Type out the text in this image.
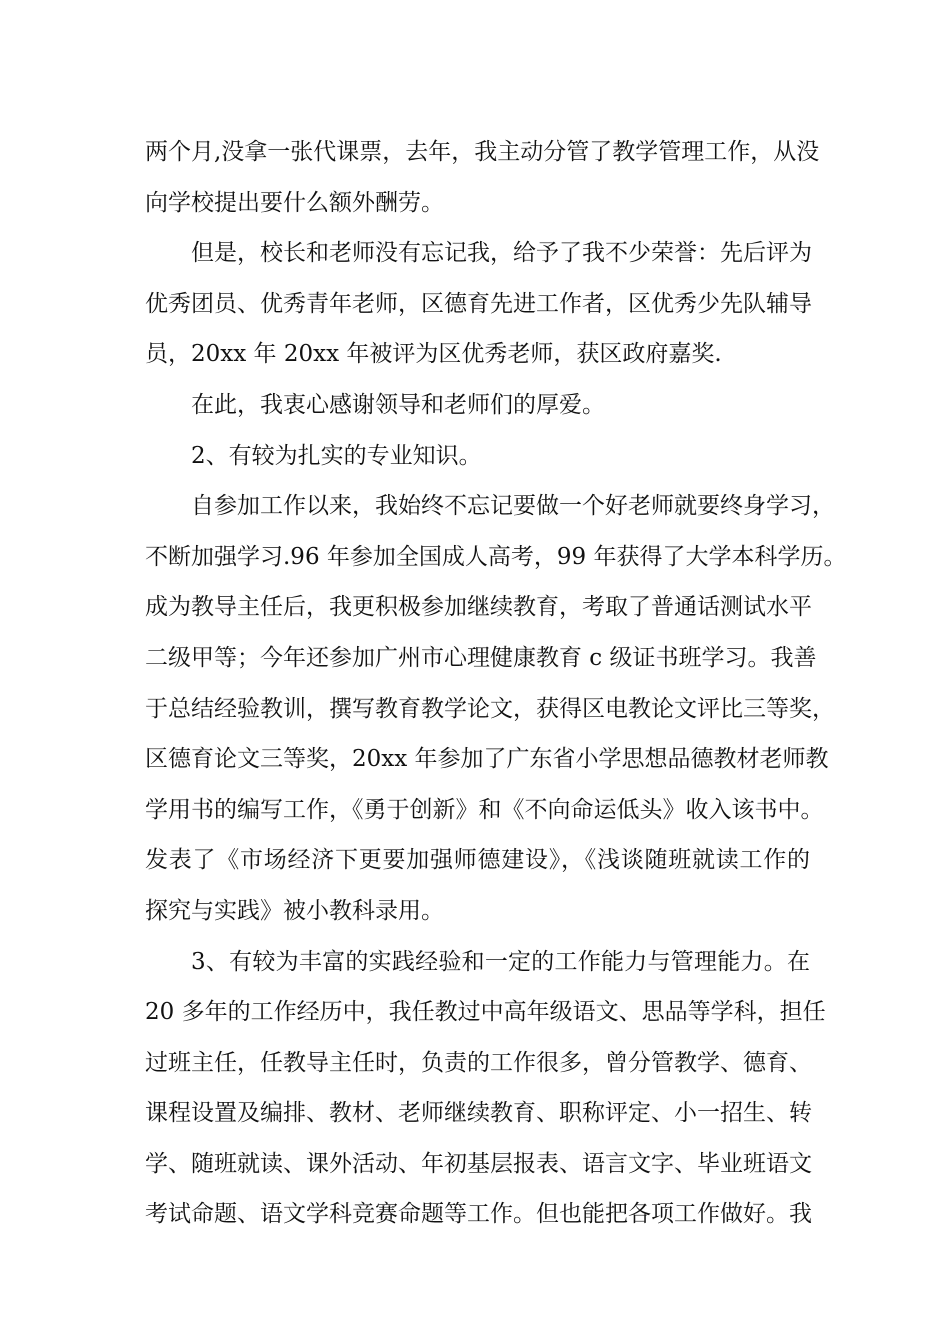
两个月,没拿一张代课票，去年，我主动分管了教学管理工作，从没
向学校提出要什么额外酬劳。
但是，校长和老师没有忘记我，给予了我不少荣誉：先后评为
优秀团员、优秀青年老师，区德育先进工作者，区优秀少先队辅导
员，20xx 年 20xx 年被评为区优秀老师，获区政府嘉奖.
在此，我衷心感谢领导和老师们的厚爱。
2、有较为扎实的专业知识。
自参加工作以来，我始终不忘记要做一个好老师就要终身学习，
不断加强学习.96 年参加全国成人高考，99 年获得了大学本科学历。
成为教导主任后，我更积极参加继续教育，考取了普通话测试水平
二级甲等；今年还参加广州市心理健康教育 c 级证书班学习。我善
于总结经验教训，撰写教育教学论文，获得区电教论文评比三等奖，
区德育论文三等奖，20xx 年参加了广东省小学思想品德教材老师教
学用书的编写工作，《勇于创新》和《不向命运低头》收入该书中。
发表了《市场经济下更要加强师德建设》，《浅谈随班就读工作的
探究与实践》被小教科录用。
3、有较为丰富的实践经验和一定的工作能力与管理能力。在
20 多年的工作经历中，我任教过中高年级语文、思品等学科，担任
过班主任，任教导主任时，负责的工作很多，曾分管教学、德育、
课程设置及编排、教材、老师继续教育、职称评定、小一招生、转
学、随班就读、课外活动、年初基层报表、语言文字、毕业班语文
考试命题、语文学科竞赛命题等工作。但也能把各项工作做好。我
